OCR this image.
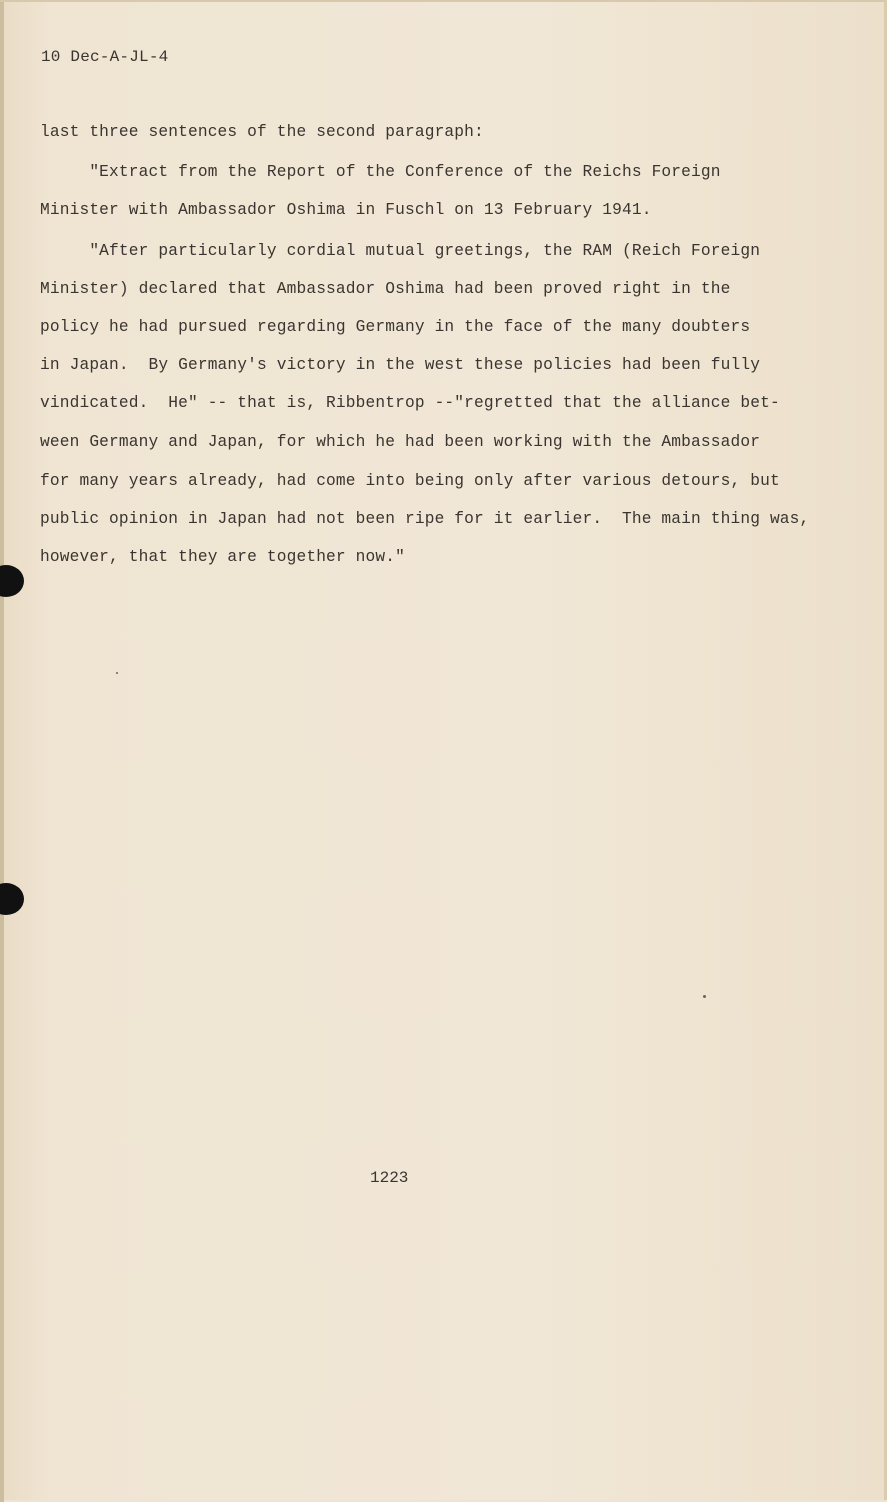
10 Dec-A-JL-4
last three sentences of the second paragraph:
"Extract from the Report of the Conference of the Reichs Foreign
Minister with Ambassador Oshima in Fuschl on 13 February 1941.
"After particularly cordial mutual greetings, the RAM (Reich Foreign
Minister) declared that Ambassador Oshima had been proved right in the
policy he had pursued regarding Germany in the face of the many doubters
in Japan.  By Germany's victory in the west these policies had been fully
vindicated.  He" -- that is, Ribbentrop --"regretted that the alliance bet-
ween Germany and Japan, for which he had been working with the Ambassador
for many years already, had come into being only after various detours, but
public opinion in Japan had not been ripe for it earlier.  The main thing was,
however, that they are together now."
1223
